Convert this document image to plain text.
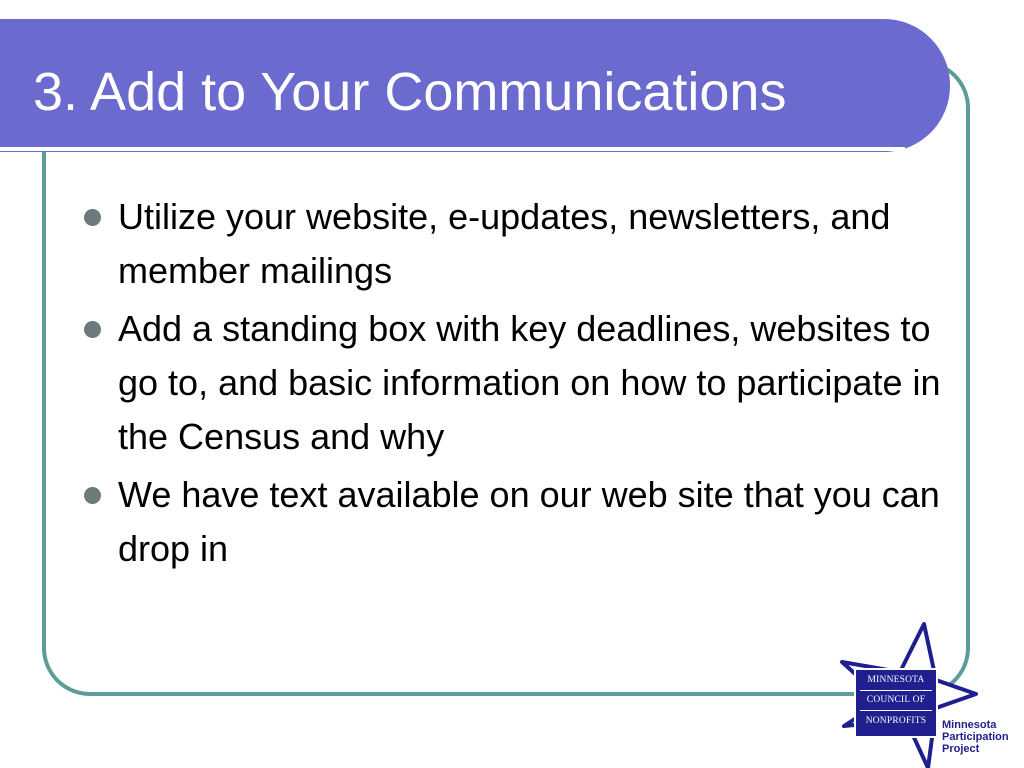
3. Add to Your Communications
Utilize your website, e-updates, newsletters, and member mailings
Add a standing box with key deadlines, websites to go to, and basic information on how to participate in the Census and why
We have text available on our web site that you can drop in
MINNESOTA
COUNCIL OF
NONPROFITS	Minnesota
Participation
Project
